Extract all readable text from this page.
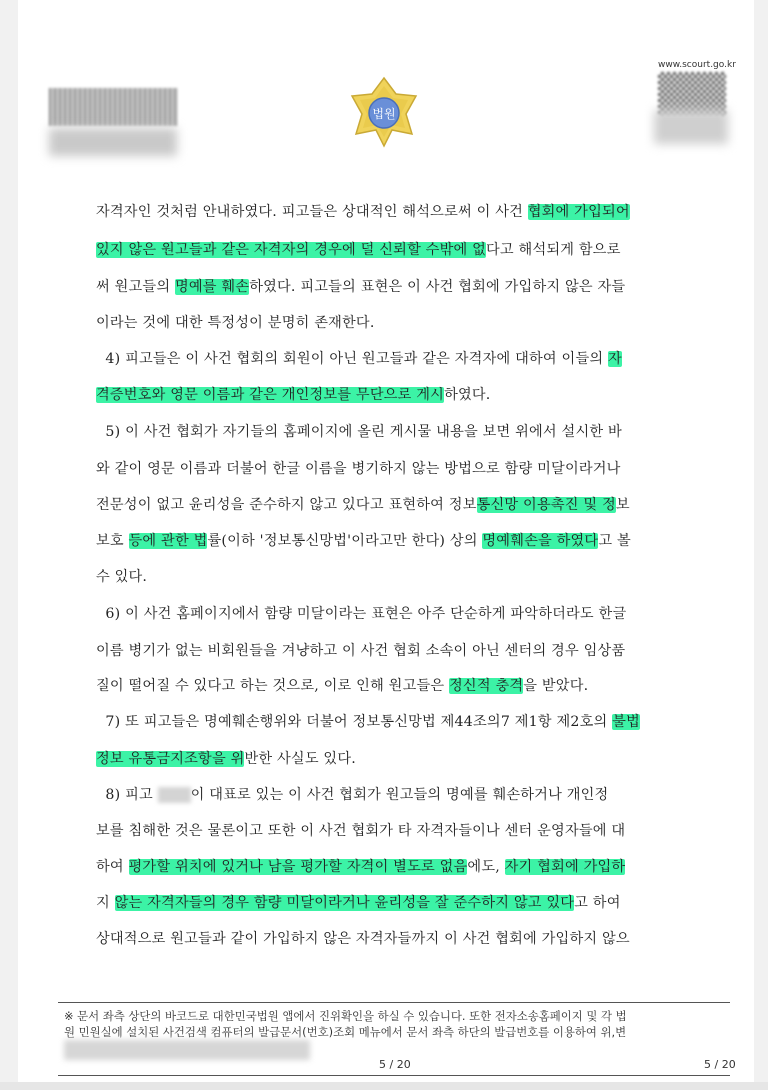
www.scourt.go.kr
법원
자격자인 것처럼 안내하였다. 피고들은 상대적인 해석으로써 이 사건 협회에 가입되어
있지 않은 원고들과 같은 자격자의 경우에 덜 신뢰할 수밖에 없다고 해석되게 함으로
써 원고들의 명예를 훼손하였다. 피고들의 표현은 이 사건 협회에 가입하지 않은 자들
이라는 것에 대한 특정성이 분명히 존재한다.
4) 피고들은 이 사건 협회의 회원이 아닌 원고들과 같은 자격자에 대하여 이들의 자
격증번호와 영문 이름과 같은 개인정보를 무단으로 게시하였다.
5) 이 사건 협회가 자기들의 홈페이지에 올린 게시물 내용을 보면 위에서 설시한 바
와 같이 영문 이름과 더불어 한글 이름을 병기하지 않는 방법으로 함량 미달이라거나
전문성이 없고 윤리성을 준수하지 않고 있다고 표현하여 정보통신망 이용촉진 및 정보
보호 등에 관한 법률(이하 '정보통신망법'이라고만 한다) 상의 명예훼손을 하였다고 볼
수 있다.
6) 이 사건 홈페이지에서 함량 미달이라는 표현은 아주 단순하게 파악하더라도 한글
이름 병기가 없는 비회원들을 겨냥하고 이 사건 협회 소속이 아닌 센터의 경우 임상품
질이 떨어질 수 있다고 하는 것으로, 이로 인해 원고들은 정신적 충격을 받았다.
7) 또 피고들은 명예훼손행위와 더불어 정보통신망법 제44조의7 제1항 제2호의 불법
정보 유통금지조항을 위반한 사실도 있다.
8) 피고        이 대표로 있는 이 사건 협회가 원고들의 명예를 훼손하거나 개인정
보를 침해한 것은 물론이고 또한 이 사건 협회가 타 자격자들이나 센터 운영자들에 대
하여 평가할 위치에 있거나 남을 평가할 자격이 별도로 없음에도, 자기 협회에 가입하
지 않는 자격자들의 경우 함량 미달이라거나 윤리성을 잘 준수하지 않고 있다고 하여
상대적으로 원고들과 같이 가입하지 않은 자격자들까지 이 사건 협회에 가입하지 않으
※ 문서 좌측 상단의 바코드로 대한민국법원 앱에서 진위확인을 하실 수 있습니다. 또한 전자소송홈페이지 및 각 법
원 민원실에 설치된 사건검색 컴퓨터의 발급문서(번호)조회 메뉴에서 문서 좌측 하단의 발급번호를 이용하여 위,변
5 / 20	5 / 20
